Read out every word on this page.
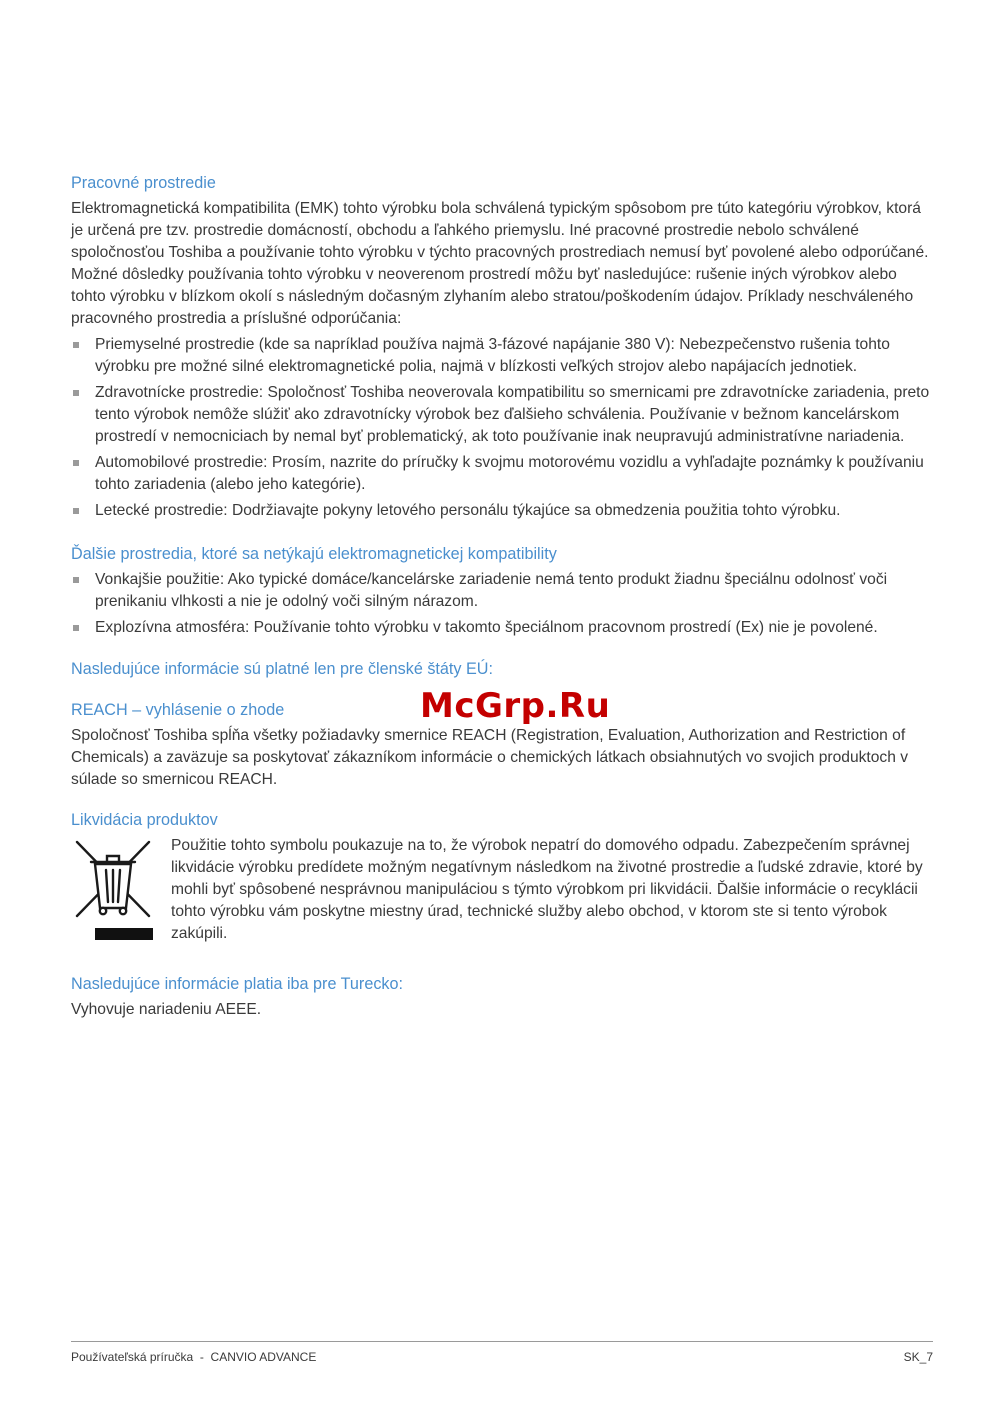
Pracovné prostredie

Elektromagnetická kompatibilita (EMK) tohto výrobku bola schválená typickým spôsobom pre túto kategóriu výrobkov, ktorá je určená pre tzv. prostredie domácností, obchodu a ľahkého priemyslu. Iné pracovné prostredie nebolo schválené spoločnosťou Toshiba a používanie tohto výrobku v týchto pracovných prostrediach nemusí byť povolené alebo odporúčané. Možné dôsledky používania tohto výrobku v neoverenom prostredí môžu byť nasledujúce: rušenie iných výrobkov alebo tohto výrobku v blízkom okolí s následným dočasným zlyhaním alebo stratou/poškodením údajov. Príklady neschváleného pracovného prostredia a príslušné odporúčania:

Priemyselné prostredie (kde sa napríklad používa najmä 3-fázové napájanie 380 V): Nebezpečenstvo rušenia tohto výrobku pre možné silné elektromagnetické polia, najmä v blízkosti veľkých strojov alebo napájacích jednotiek.
Zdravotnícke prostredie: Spoločnosť Toshiba neoverovala kompatibilitu so smernicami pre zdravotnícke zariadenia, preto tento výrobok nemôže slúžiť ako zdravotnícky výrobok bez ďalšieho schválenia. Používanie v bežnom kancelárskom prostredí v nemocniciach by nemal byť problematický, ak toto používanie inak neupravujú administratívne nariadenia.
Automobilové prostredie: Prosím, nazrite do príručky k svojmu motorovému vozidlu a vyhľadajte poznámky k používaniu tohto zariadenia (alebo jeho kategórie).
Letecké prostredie: Dodržiavajte pokyny letového personálu týkajúce sa obmedzenia použitia tohto výrobku.
Ďalšie prostredia, ktoré sa netýkajú elektromagnetickej kompatibility
Vonkajšie použitie: Ako typické domáce/kancelárske zariadenie nemá tento produkt žiadnu špeciálnu odolnosť voči prenikaniu vlhkosti a nie je odolný voči silným nárazom.
Explozívna atmosféra: Používanie tohto výrobku v takomto špeciálnom pracovnom prostredí (Ex) nie je povolené.
Nasledujúce informácie sú platné len pre členské štáty EÚ:
REACH – vyhlásenie o zhode

Spoločnosť Toshiba spĺňa všetky požiadavky smernice REACH (Registration, Evaluation, Authorization and Restriction of Chemicals) a zaväzuje sa poskytovať zákazníkom informácie o chemických látkach obsiahnutých vo svojich produktoch v súlade so smernicou REACH.

Likvidácia produktov

Použitie tohto symbolu poukazuje na to, že výrobok nepatrí do domového odpadu. Zabezpečením správnej likvidácie výrobku predídete možným negatívnym následkom na životné prostredie a ľudské zdravie, ktoré by mohli byť spôsobené nesprávnou manipuláciou s týmto výrobkom pri likvidácii. Ďalšie informácie o recyklácii tohto výrobku vám poskytne miestny úrad, technické služby alebo obchod, v ktorom ste si tento výrobok zakúpili.

Nasledujúce informácie platia iba pre Turecko:

Vyhovuje nariadeniu AEEE.

McGrp.Ru
Používateľská príručka  -  CANVIO ADVANCE	SK_7
